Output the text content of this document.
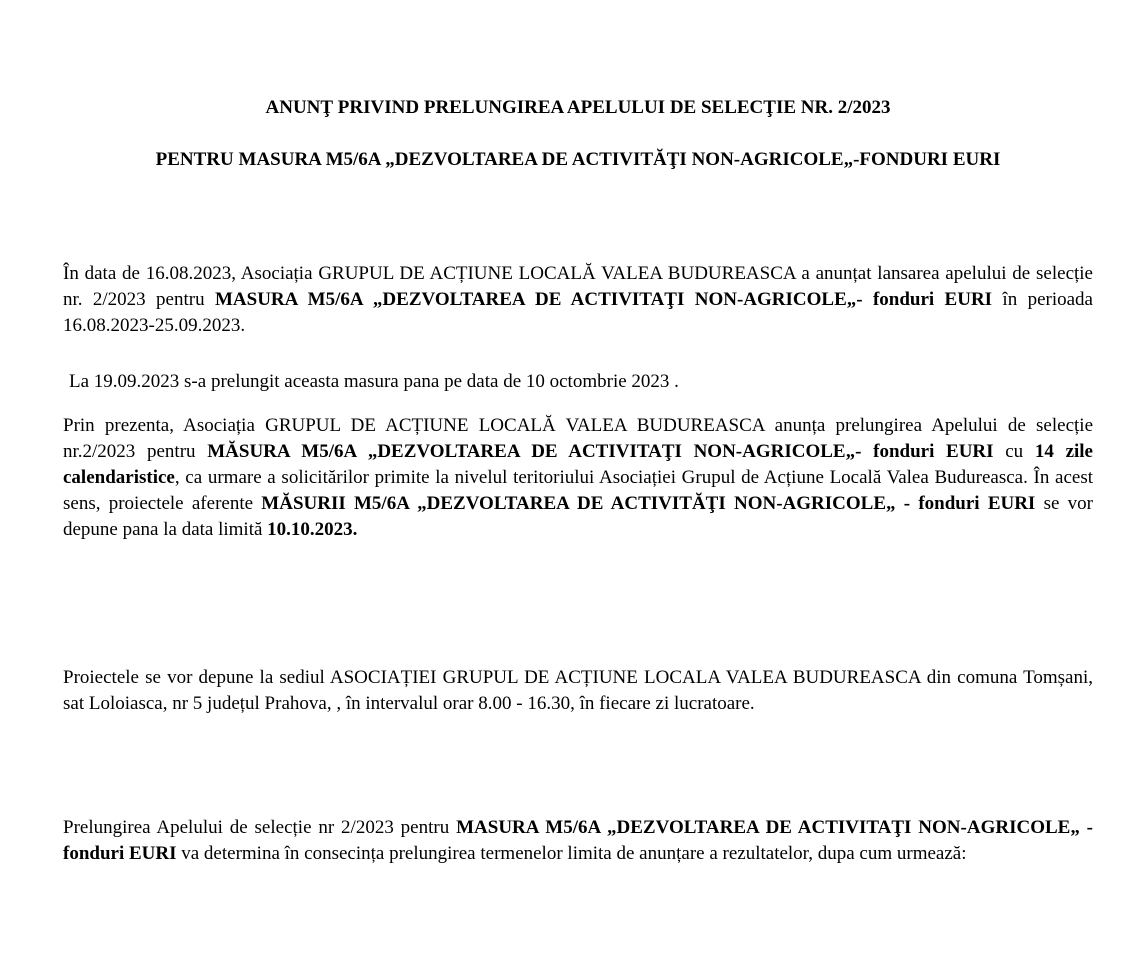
ANUNŢ PRIVIND PRELUNGIREA APELULUI DE SELECŢIE NR. 2/2023

PENTRU MASURA M5/6A „DEZVOLTAREA DE ACTIVITĂŢI NON-AGRICOLE„-FONDURI EURI

În data de 16.08.2023, Asociația GRUPUL DE ACȚIUNE LOCALĂ VALEA BUDUREASCA a anunțat lansarea apelului de selecție nr. 2/2023 pentru MASURA M5/6A „DEZVOLTAREA DE ACTIVITAŢI NON-AGRICOLE„- fonduri EURI în perioada 16.08.2023-25.09.2023.

La 19.09.2023 s-a prelungit aceasta masura pana pe data de 10 octombrie 2023 .

Prin prezenta, Asociația GRUPUL DE ACȚIUNE LOCALĂ VALEA BUDUREASCA anunța prelungirea Apelului de selecție nr.2/2023 pentru MĂSURA M5/6A „DEZVOLTAREA DE ACTIVITAŢI NON-AGRICOLE„- fonduri EURI cu 14 zile calendaristice, ca urmare a solicitărilor primite la nivelul teritoriului Asociației Grupul de Acțiune Locală Valea Budureasca. În acest sens, proiectele aferente MĂSURII M5/6A „DEZVOLTAREA DE ACTIVITĂŢI NON-AGRICOLE„ - fonduri EURI se vor depune pana la data limită 10.10.2023.

Proiectele se vor depune la sediul ASOCIAȚIEI GRUPUL DE ACȚIUNE LOCALA VALEA BUDUREASCA din comuna Tomșani, sat Loloiasca, nr 5 județul Prahova, , în intervalul orar 8.00 - 16.30, în fiecare zi lucratoare.

Prelungirea Apelului de selecție nr 2/2023 pentru MASURA M5/6A „DEZVOLTAREA DE ACTIVITAŢI NON-AGRICOLE„ - fonduri EURI va determina în consecința prelungirea termenelor limita de anunțare a rezultatelor, dupa cum urmează:
